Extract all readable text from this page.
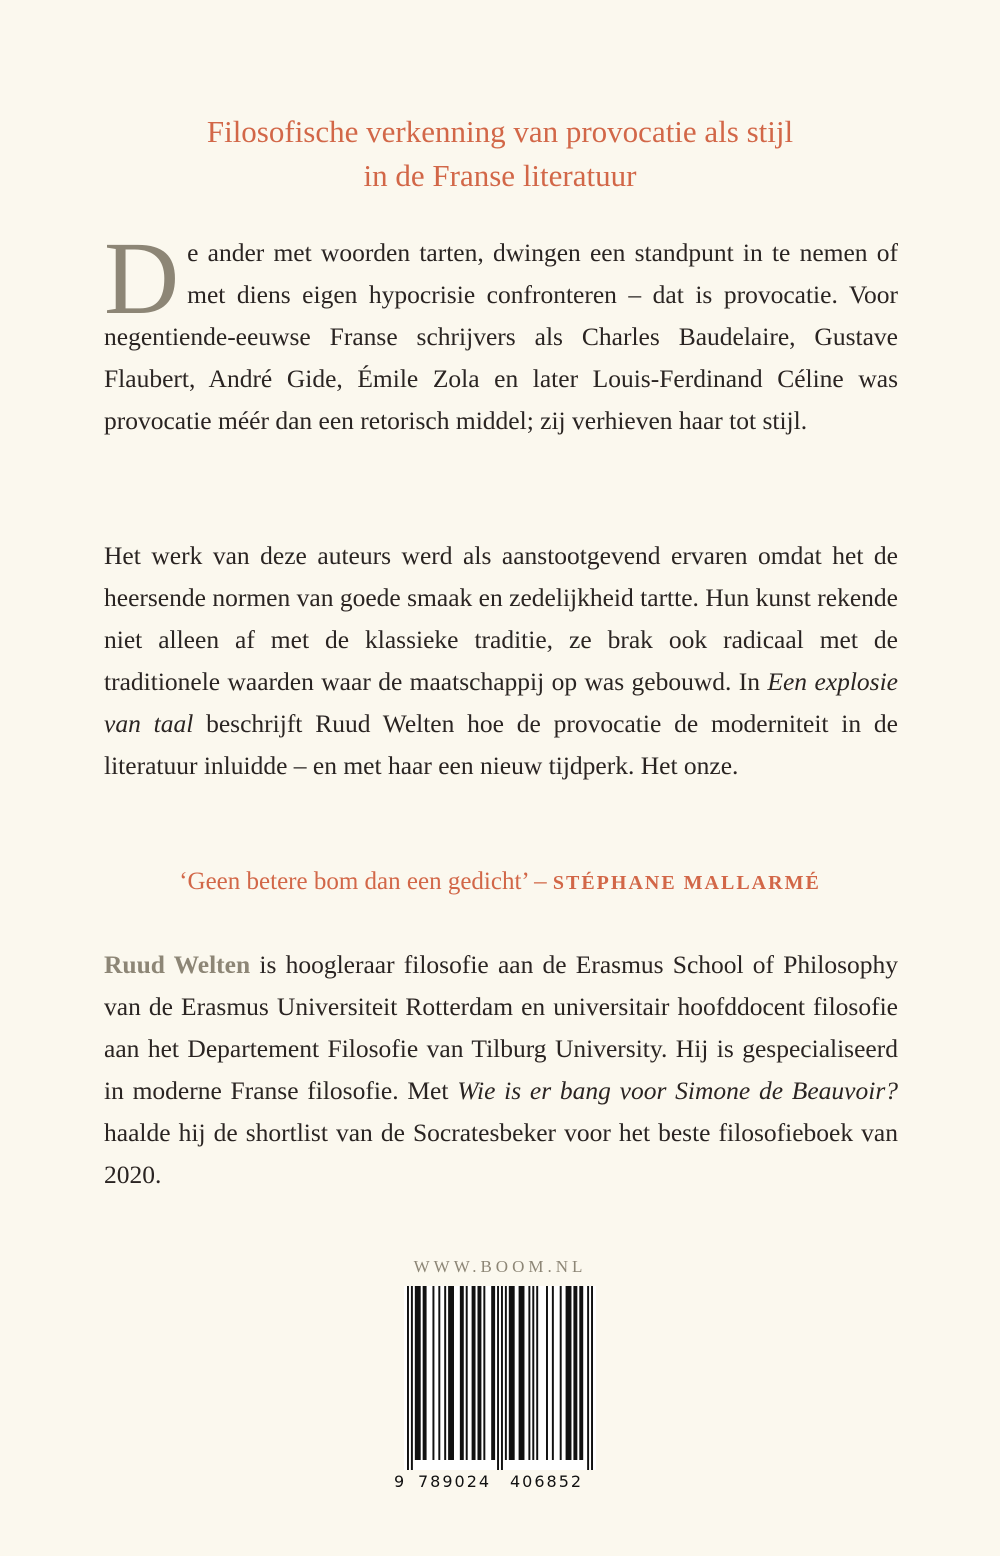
Filosofische verkenning van provocatie als stijl
in de Franse literatuur

De ander met woorden tarten, dwingen een standpunt in te nemen of met diens eigen hypocrisie confronteren – dat is provocatie. Voor negentiende-eeuwse Franse schrijvers als Charles Baudelaire, Gustave Flaubert, André Gide, Émile Zola en later Louis-Ferdinand Céline was provocatie méér dan een retorisch middel; zij verhieven haar tot stijl.

Het werk van deze auteurs werd als aanstootgevend ervaren omdat het de heersende normen van goede smaak en zedelijkheid tartte. Hun kunst rekende niet alleen af met de klassieke traditie, ze brak ook radicaal met de traditionele waarden waar de maatschappij op was gebouwd. In Een explosie van taal beschrijft Ruud Welten hoe de provocatie de moderniteit in de literatuur inluidde – en met haar een nieuw tijdperk. Het onze.

‘Geen betere bom dan een gedicht’ – STÉPHANE MALLARMÉ

Ruud Welten is hoogleraar filosofie aan de Erasmus School of Philosophy van de Erasmus Universiteit Rotterdam en universitair hoofddocent filosofie aan het Departement Filosofie van Tilburg University. Hij is gespecialiseerd in moderne Franse filosofie. Met Wie is er bang voor Simone de Beauvoir? haalde hij de shortlist van de Socratesbeker voor het beste filosofieboek van 2020.

WWW.BOOM.NL

9 789024	406852
